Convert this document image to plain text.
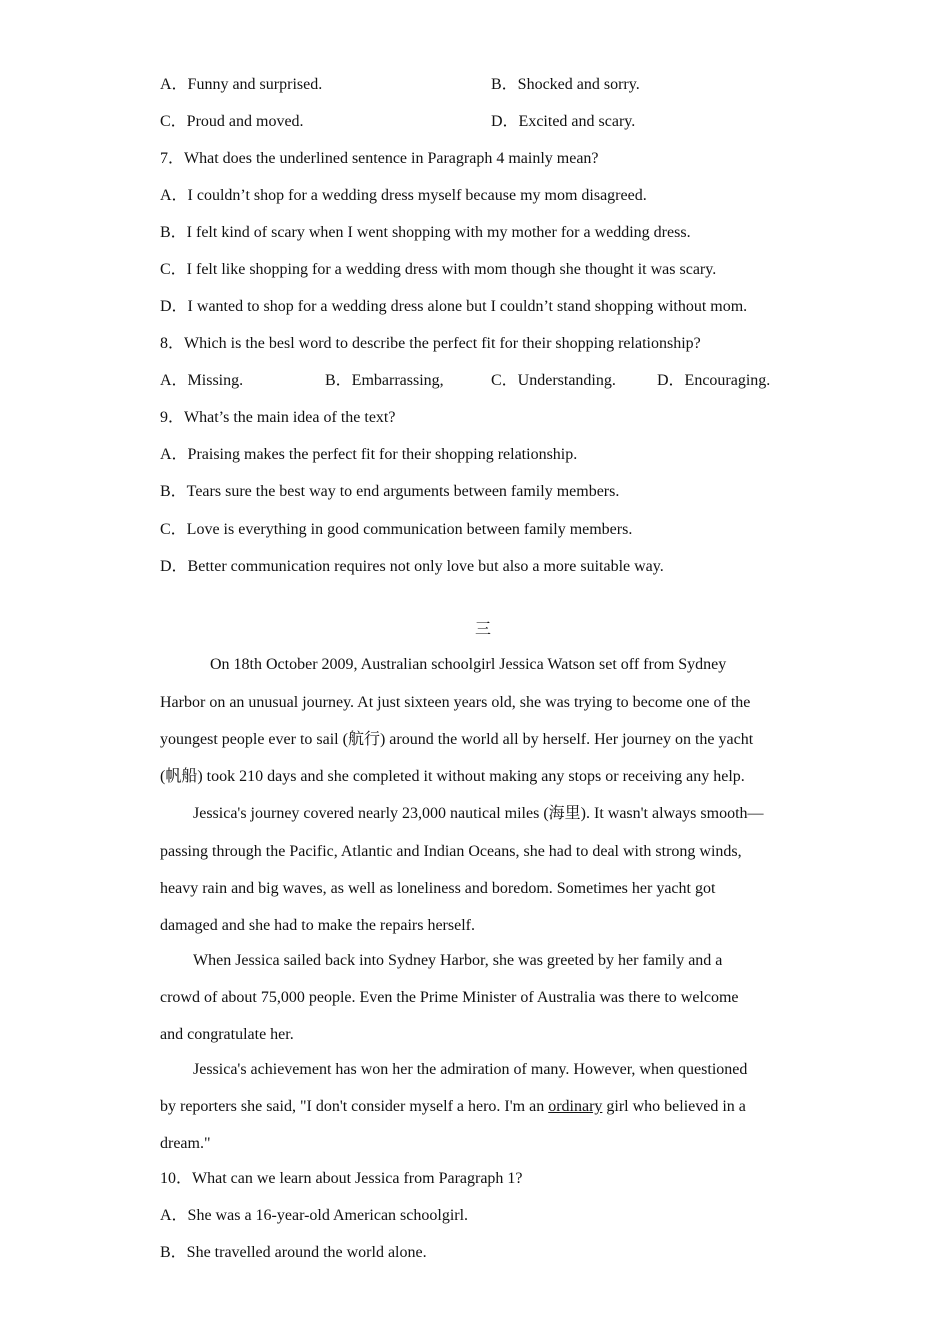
A．Funny and surprised.	B．Shocked and sorry.
C．Proud and moved.	D．Excited and scary.
7．What does the underlined sentence in Paragraph 4 mainly mean?
A．I couldn’t shop for a wedding dress myself because my mom disagreed.
B．I felt kind of scary when I went shopping with my mother for a wedding dress.
C．I felt like shopping for a wedding dress with mom though she thought it was scary.
D．I wanted to shop for a wedding dress alone but I couldn’t stand shopping without mom.
8．Which is the besl word to describe the perfect fit for their shopping relationship?
A．Missing.	B．Embarrassing,	C．Understanding.	D．Encouraging.
9．What’s the main idea of the text?
A．Praising makes the perfect fit for their shopping relationship.
B．Tears sure the best way to end arguments between family members.
C．Love is everything in good communication between family members.
D．Better communication requires not only love but also a more suitable way.
三
On 18th October 2009, Australian schoolgirl Jessica Watson set off from Sydney
Harbor on an unusual journey. At just sixteen years old, she was trying to become one of the
youngest people ever to sail (航行) around the world all by herself. Her journey on the yacht
(帆船) took 210 days and she completed it without making any stops or receiving any help.
Jessica's journey covered nearly 23,000 nautical miles (海里). It wasn't always smooth—
passing through the Pacific, Atlantic and Indian Oceans, she had to deal with strong winds,
heavy rain and big waves, as well as loneliness and boredom. Sometimes her yacht got
damaged and she had to make the repairs herself.
When Jessica sailed back into Sydney Harbor, she was greeted by her family and a
crowd of about 75,000 people. Even the Prime Minister of Australia was there to welcome
and congratulate her.
Jessica's achievement has won her the admiration of many. However, when questioned
by reporters she said, "I don't consider myself a hero. I'm an ordinary girl who believed in a
dream."
10．What can we learn about Jessica from Paragraph 1?
A．She was a 16-year-old American schoolgirl.
B．She travelled around the world alone.
